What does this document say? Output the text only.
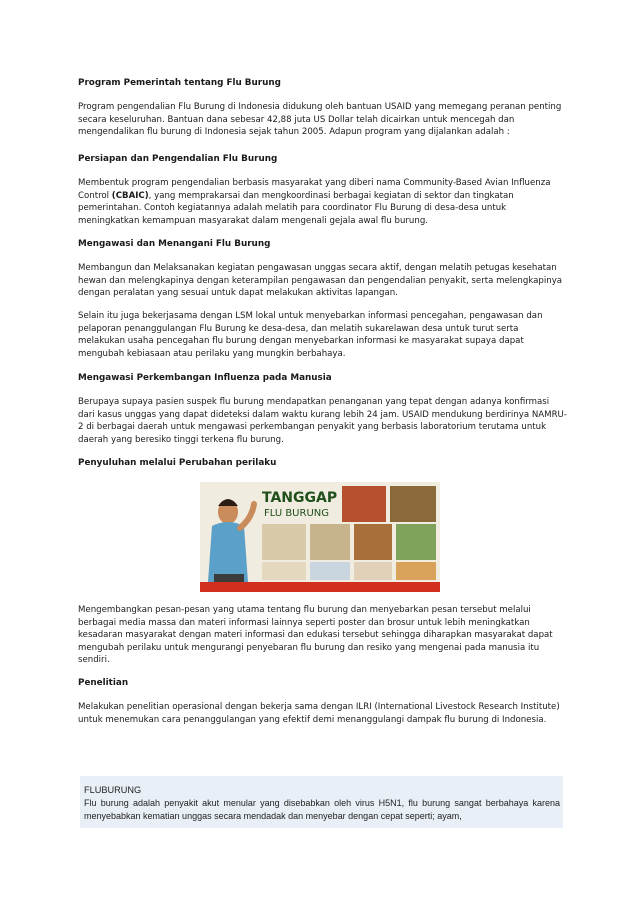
Program Pemerintah tentang Flu Burung
Program pengendalian Flu Burung di Indonesia didukung oleh bantuan USAID yang memegang peranan penting secara keseluruhan. Bantuan dana sebesar 42,88 juta US Dollar telah dicairkan untuk mencegah dan mengendalikan flu burung di Indonesia sejak tahun 2005. Adapun program yang dijalankan adalah :
Persiapan dan Pengendalian Flu Burung
Membentuk program pengendalian berbasis masyarakat yang diberi nama Community-Based Avian Influenza Control (CBAIC), yang memprakarsai dan mengkoordinasi berbagai kegiatan di sektor dan tingkatan pemerintahan. Contoh kegiatannya adalah melatih para coordinator Flu Burung di desa-desa untuk meningkatkan kemampuan masyarakat dalam mengenali gejala awal flu burung.
Mengawasi dan Menangani Flu Burung
Membangun dan Melaksanakan kegiatan pengawasan unggas secara aktif, dengan melatih petugas kesehatan hewan dan melengkapinya dengan keterampilan pengawasan dan pengendalian penyakit, serta melengkapinya dengan peralatan yang sesuai untuk dapat melakukan aktivitas lapangan.
Selain itu juga bekerjasama dengan LSM lokal untuk menyebarkan informasi pencegahan, pengawasan dan pelaporan penanggulangan Flu Burung ke desa-desa, dan melatih sukarelawan desa untuk turut serta melakukan usaha pencegahan flu burung dengan menyebarkan informasi ke masyarakat supaya dapat mengubah kebiasaan atau perilaku yang mungkin berbahaya.
Mengawasi Perkembangan Influenza pada Manusia
Berupaya supaya pasien suspek flu burung mendapatkan penanganan yang tepat dengan adanya konfirmasi dari kasus unggas yang dapat dideteksi dalam waktu kurang lebih 24 jam. USAID mendukung berdirinya NAMRU-2 di berbagai daerah untuk mengawasi perkembangan penyakit yang berbasis laboratorium terutama untuk daerah yang beresiko tinggi terkena flu burung.
Penyuluhan melalui Perubahan perilaku
TANGGAP
FLU BURUNG
Mengembangkan pesan-pesan yang utama tentang flu burung dan menyebarkan pesan tersebut melalui berbagai media massa dan materi informasi lainnya seperti poster dan brosur untuk lebih meningkatkan kesadaran masyarakat dengan materi informasi dan edukasi tersebut sehingga diharapkan masyarakat dapat mengubah perilaku untuk mengurangi penyebaran flu burung dan resiko yang mengenai pada manusia itu sendiri.
Penelitian
Melakukan penelitian operasional dengan bekerja sama dengan ILRI (International Livestock Research Institute) untuk menemukan cara penanggulangan yang efektif demi menanggulangi dampak flu burung di Indonesia.
FLUBURUNG
Flu burung adalah penyakit akut menular yang disebabkan oleh virus H5N1, flu burung sangat berbahaya karena menyebabkan kematian unggas secara mendadak dan menyebar dengan cepat seperti; ayam,
